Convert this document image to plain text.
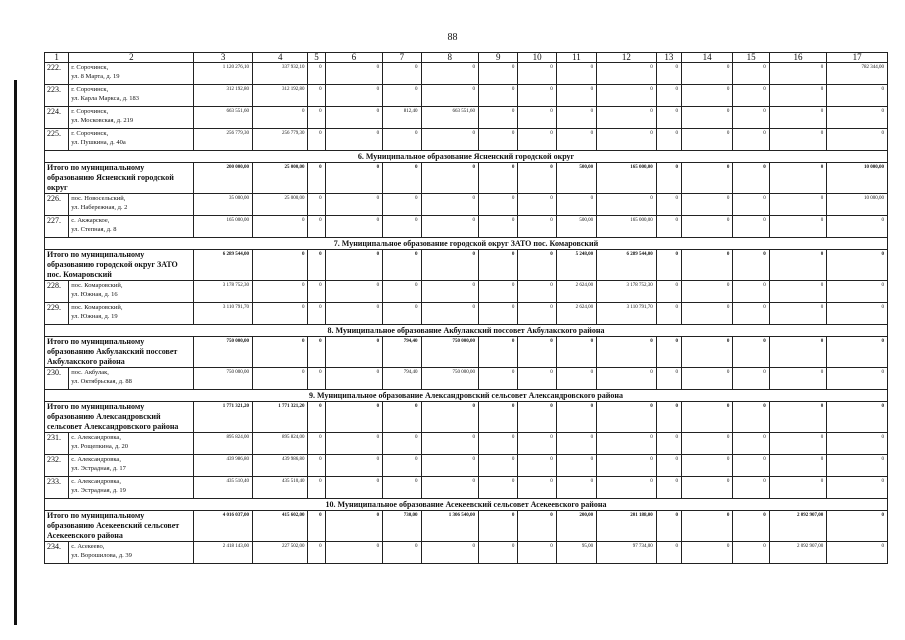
88
1	2	3	4	5	6	7	8	9	10	11	12	13	14	15	16	17
222.	г. Сорочинск,
ул. 8 Марта, д. 19	1 120 276,10	337 932,10	0	0	0	0	0	0	0	0	0	0	0	0	782 344,00
223.	г. Сорочинск,
ул. Карла Маркса, д. 183	312 192,80	312 192,80	0	0	0	0	0	0	0	0	0	0	0	0	0
224.	г. Сорочинск,
ул. Московская, д. 219	663 551,60	0	0	0	812,40	663 551,60	0	0	0	0	0	0	0	0	0
225.	г. Сорочинск,
ул. Пушкина, д. 40а	256 779,30	256 779,30	0	0	0	0	0	0	0	0	0	0	0	0	0
6. Муниципальное образование Ясненский городской округ																
Итого по муниципальному образованию Ясненский городской округ		200 000,00	25 000,00	0	0	0	0	0	0	500,00	165 000,00	0	0	0	0	10 000,00
226.	пос. Новосельский,
ул. Набережная, д. 2	35 000,00	25 000,00	0	0	0	0	0	0	0	0	0	0	0	0	10 000,00
227.	с. Акжарское,
ул. Степная, д. 8	165 000,00	0	0	0	0	0	0	0	500,00	165 000,00	0	0	0	0	0
7. Муниципальное образование городской округ ЗАТО пос. Комаровский																
Итого по муниципальному образованию городской округ ЗАТО пос. Комаровский		6 289 544,00	0	0	0	0	0	0	0	5 248,00	6 289 544,00	0	0	0	0	0
228.	пос. Комаровский,
ул. Южная, д. 16	3 178 752,30	0	0	0	0	0	0	0	2 624,00	3 178 752,30	0	0	0	0	0
229.	пос. Комаровский,
ул. Южная, д. 19	3 110 791,70	0	0	0	0	0	0	0	2 624,00	3 110 791,70	0	0	0	0	0
8. Муниципальное образование Акбулакский поссовет Акбулакского района																
Итого по муниципальному образованию Акбулакский поссовет Акбулакского района		750 000,00	0	0	0	794,40	750 000,00	0	0	0	0	0	0	0	0	0
230.	пос. Акбулак,
ул. Октябрьская, д. 88	750 000,00	0	0	0	794,40	750 000,00	0	0	0	0	0	0	0	0	0
9. Муниципальное образование Александровский сельсовет Александровского района																
Итого по муниципальному образованию Александровский сельсовет Александровского района		1 771 321,20	1 771 321,20	0	0	0	0	0	0	0	0	0	0	0	0	0
231.	с. Александровка,
ул. Рощепкина, д. 20	895 824,00	895 824,00	0	0	0	0	0	0	0	0	0	0	0	0	0
232.	с. Александровка,
ул. Эстрадная, д. 17	439 986,80	439 986,80	0	0	0	0	0	0	0	0	0	0	0	0	0
233.	с. Александровка,
ул. Эстрадная, д. 19	435 510,40	435 510,40	0	0	0	0	0	0	0	0	0	0	0	0	0
10. Муниципальное образование Асекеевский сельсовет Асекеевского района																
Итого по муниципальному образованию Асекеевский сельсовет Асекеевского района		4 016 037,00	415 602,00	0	0	730,00	1 306 540,00	0	0	200,00	201 188,00	0	0	0	2 092 907,00	0
234.	с. Асекеево,
ул. Ворошилова, д. 39	2 418 143,00	227 502,00	0	0	0	0	0	0	95,00	97 734,00	0	0	0	2 092 907,00	0
